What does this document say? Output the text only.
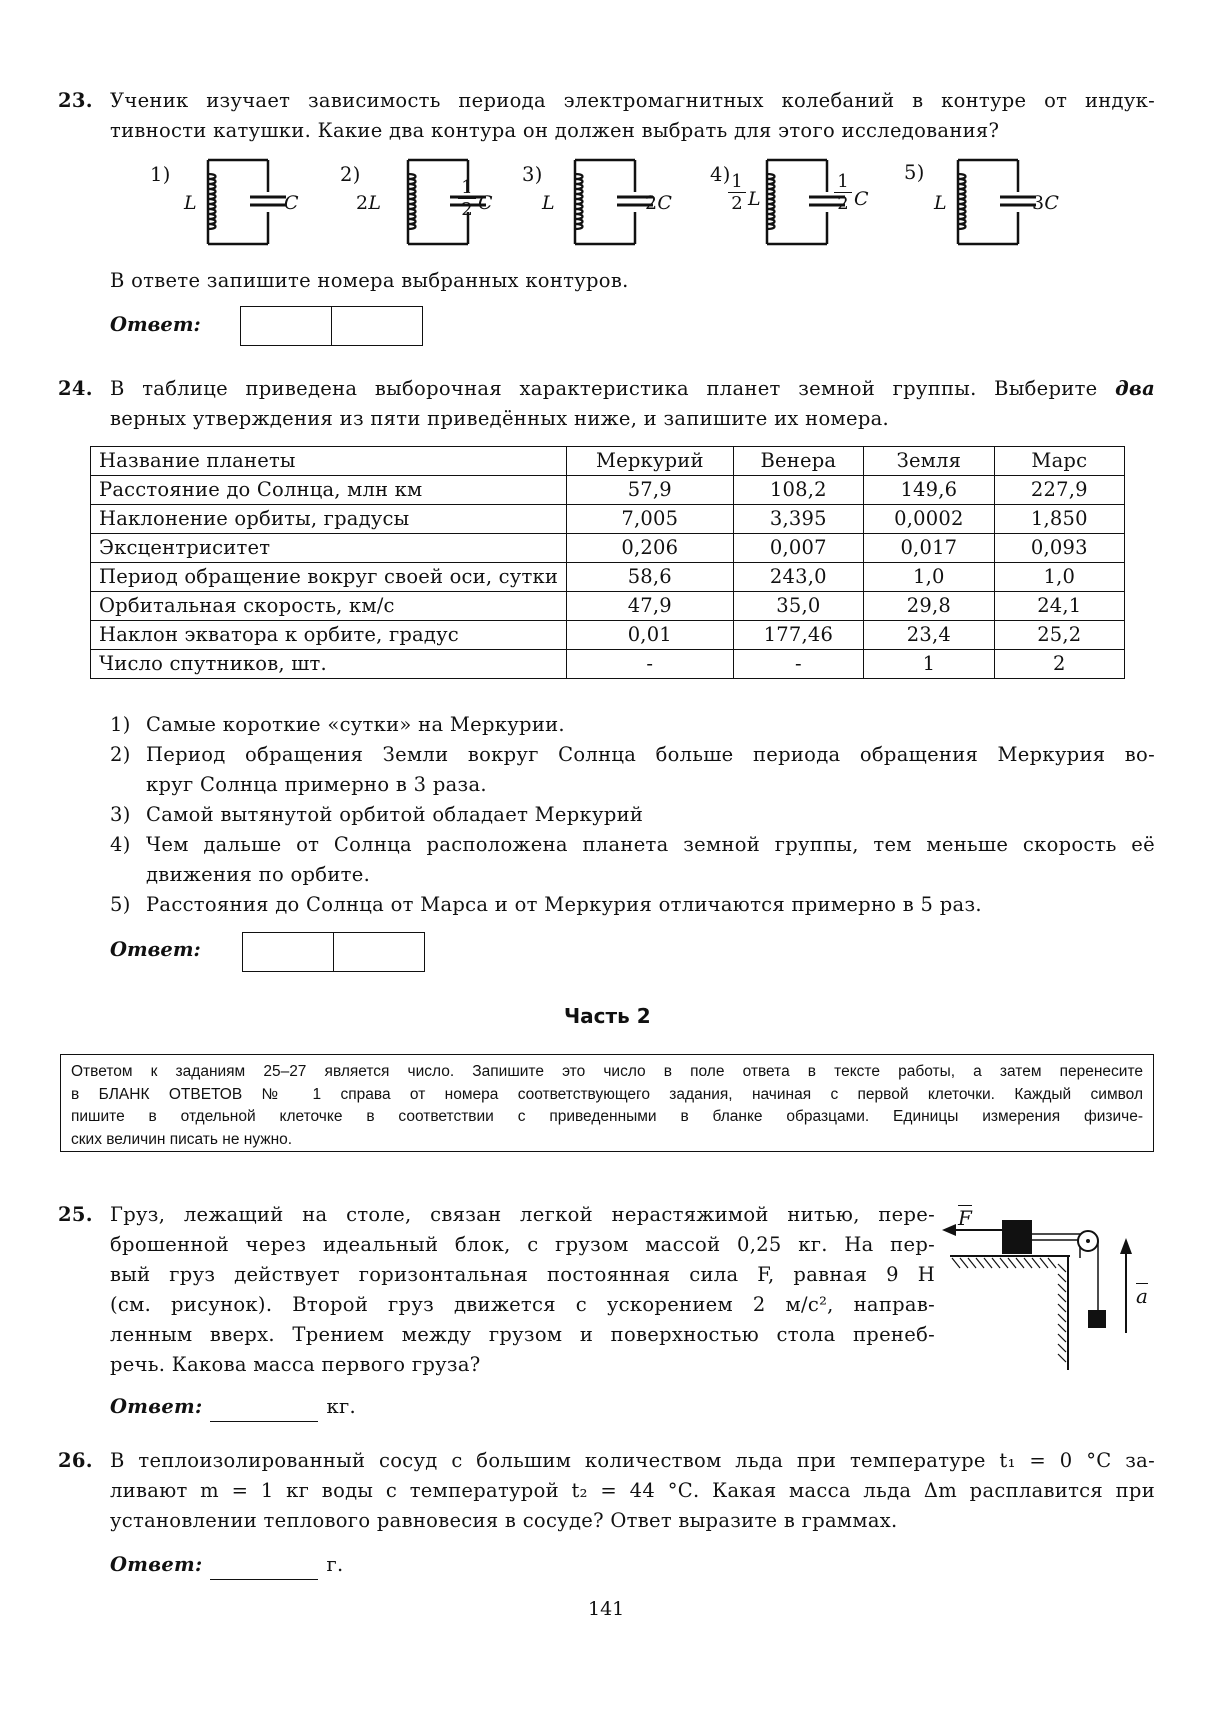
23. Ученик изучает зависимость периода электромагнитных колебаний в контуре от индук-
тивности катушки. Какие два контура он должен выбрать для этого исследования?
1)
L	C
2)
2L	$\frac{1}{2}$ C
3)
L	2C
4)
$\frac{1}{2}$ L	$\frac{1}{2}$ C
5)
L	3C
В ответе запишите номера выбранных контуров.
Ответ:
24. В таблице приведена выборочная характеристика планет земной группы. Выберите два
верных утверждения из пяти приведённых ниже, и запишите их номера.
Название планеты	Меркурий	Венера	Земля	Марс
Расстояние до Солнца, млн км	57,9	108,2	149,6	227,9
Наклонение орбиты, градусы	7,005	3,395	0,0002	1,850
Эксцентриситет	0,206	0,007	0,017	0,093
Период обращение вокруг своей оси, сутки	58,6	243,0	1,0	1,0
Орбитальная скорость, км/с	47,9	35,0	29,8	24,1
Наклон экватора к орбите, градус	0,01	177,46	23,4	25,2
Число спутников, шт.	-	-	1	2
1) Самые короткие «сутки» на Меркурии.
2) Период обращения Земли вокруг Солнца больше периода обращения Меркурия во-
круг Солнца примерно в 3 раза.
3) Самой вытянутой орбитой обладает Меркурий
4) Чем дальше от Солнца расположена планета земной группы, тем меньше скорость её
движения по орбите.
5) Расстояния до Солнца от Марса и от Меркурия отличаются примерно в 5 раз.
Ответ:
Часть 2
Ответом к заданиям 25–27 является число. Запишите это число в поле ответа в тексте работы, а затем перенесите
в БЛАНК ОТВЕТОВ № 1 справа от номера соответствующего задания, начиная с первой клеточки. Каждый символ
пишите в отдельной клеточке в соответствии с приведенными в бланке образцами. Единицы измерения физиче-
ских величин писать не нужно.
25. Груз, лежащий на столе, связан легкой нерастяжимой нитью, пере-
брошенной через идеальный блок, с грузом массой 0,25 кг. На пер-
вый груз действует горизонтальная постоянная сила F, равная 9 Н
(см. рисунок). Второй груз движется с ускорением 2 м/с², направ-
ленным вверх. Трением между грузом и поверхностью стола пренеб-
речь. Какова масса первого груза?
F
a
Ответ:	кг.
26. В теплоизолированный сосуд с большим количеством льда при температуре t₁ = 0 °С за-
ливают m = 1 кг воды с температурой t₂ = 44 °С. Какая масса льда Δm расплавится при
установлении теплового равновесия в сосуде? Ответ выразите в граммах.
Ответ:	г.
141
